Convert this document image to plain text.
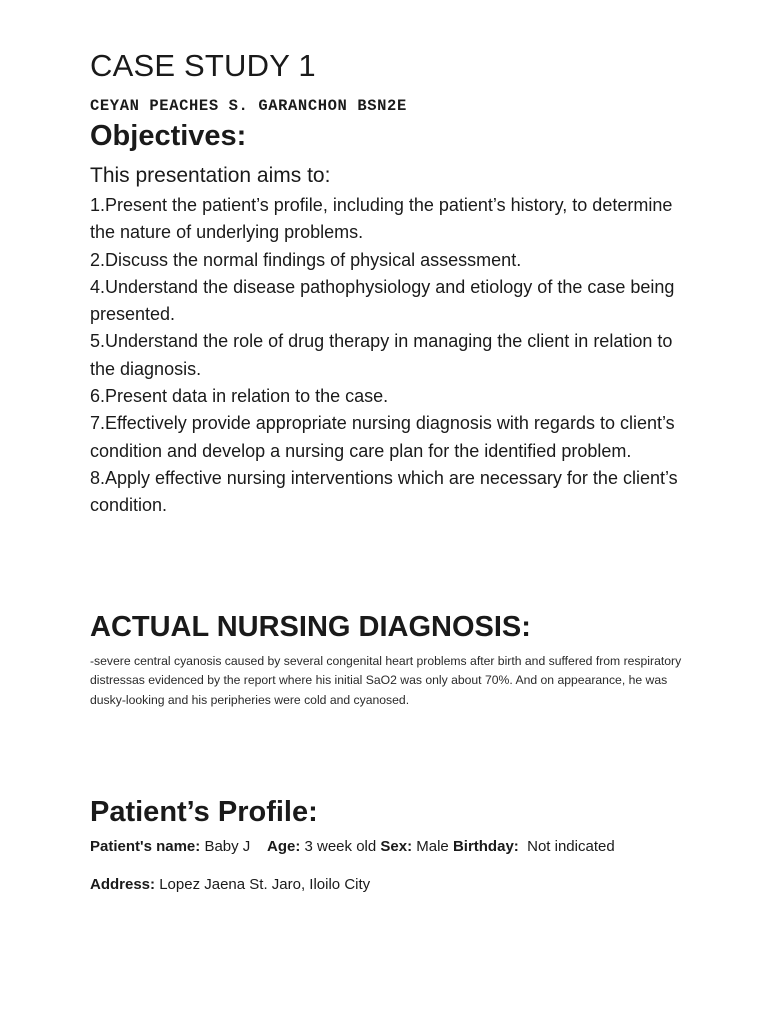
CASE STUDY 1
CEYAN PEACHES S. GARANCHON BSN2E
Objectives:
This presentation aims to:
1.Present the patient’s profile, including the patient’s history, to determine the nature of underlying problems.
2.Discuss the normal findings of physical assessment.
4.Understand the disease pathophysiology and etiology of the case being presented.
5.Understand the role of drug therapy in managing the client in relation to the diagnosis.
6.Present data in relation to the case.
7.Effectively provide appropriate nursing diagnosis with regards to client’s condition and develop a nursing care plan for the identified problem.
8.Apply effective nursing interventions which are necessary for the client’s condition.
ACTUAL NURSING DIAGNOSIS:
-severe central cyanosis caused by several congenital heart problems after birth and suffered from respiratory distressas evidenced by the report where his initial SaO2 was only about 70%. And on appearance, he was dusky-looking and his peripheries were cold and cyanosed.
Patient’s Profile:
Patient's name: Baby J Age: 3 week old Sex: Male Birthday: Not indicated
Address: Lopez Jaena St. Jaro, Iloilo City
